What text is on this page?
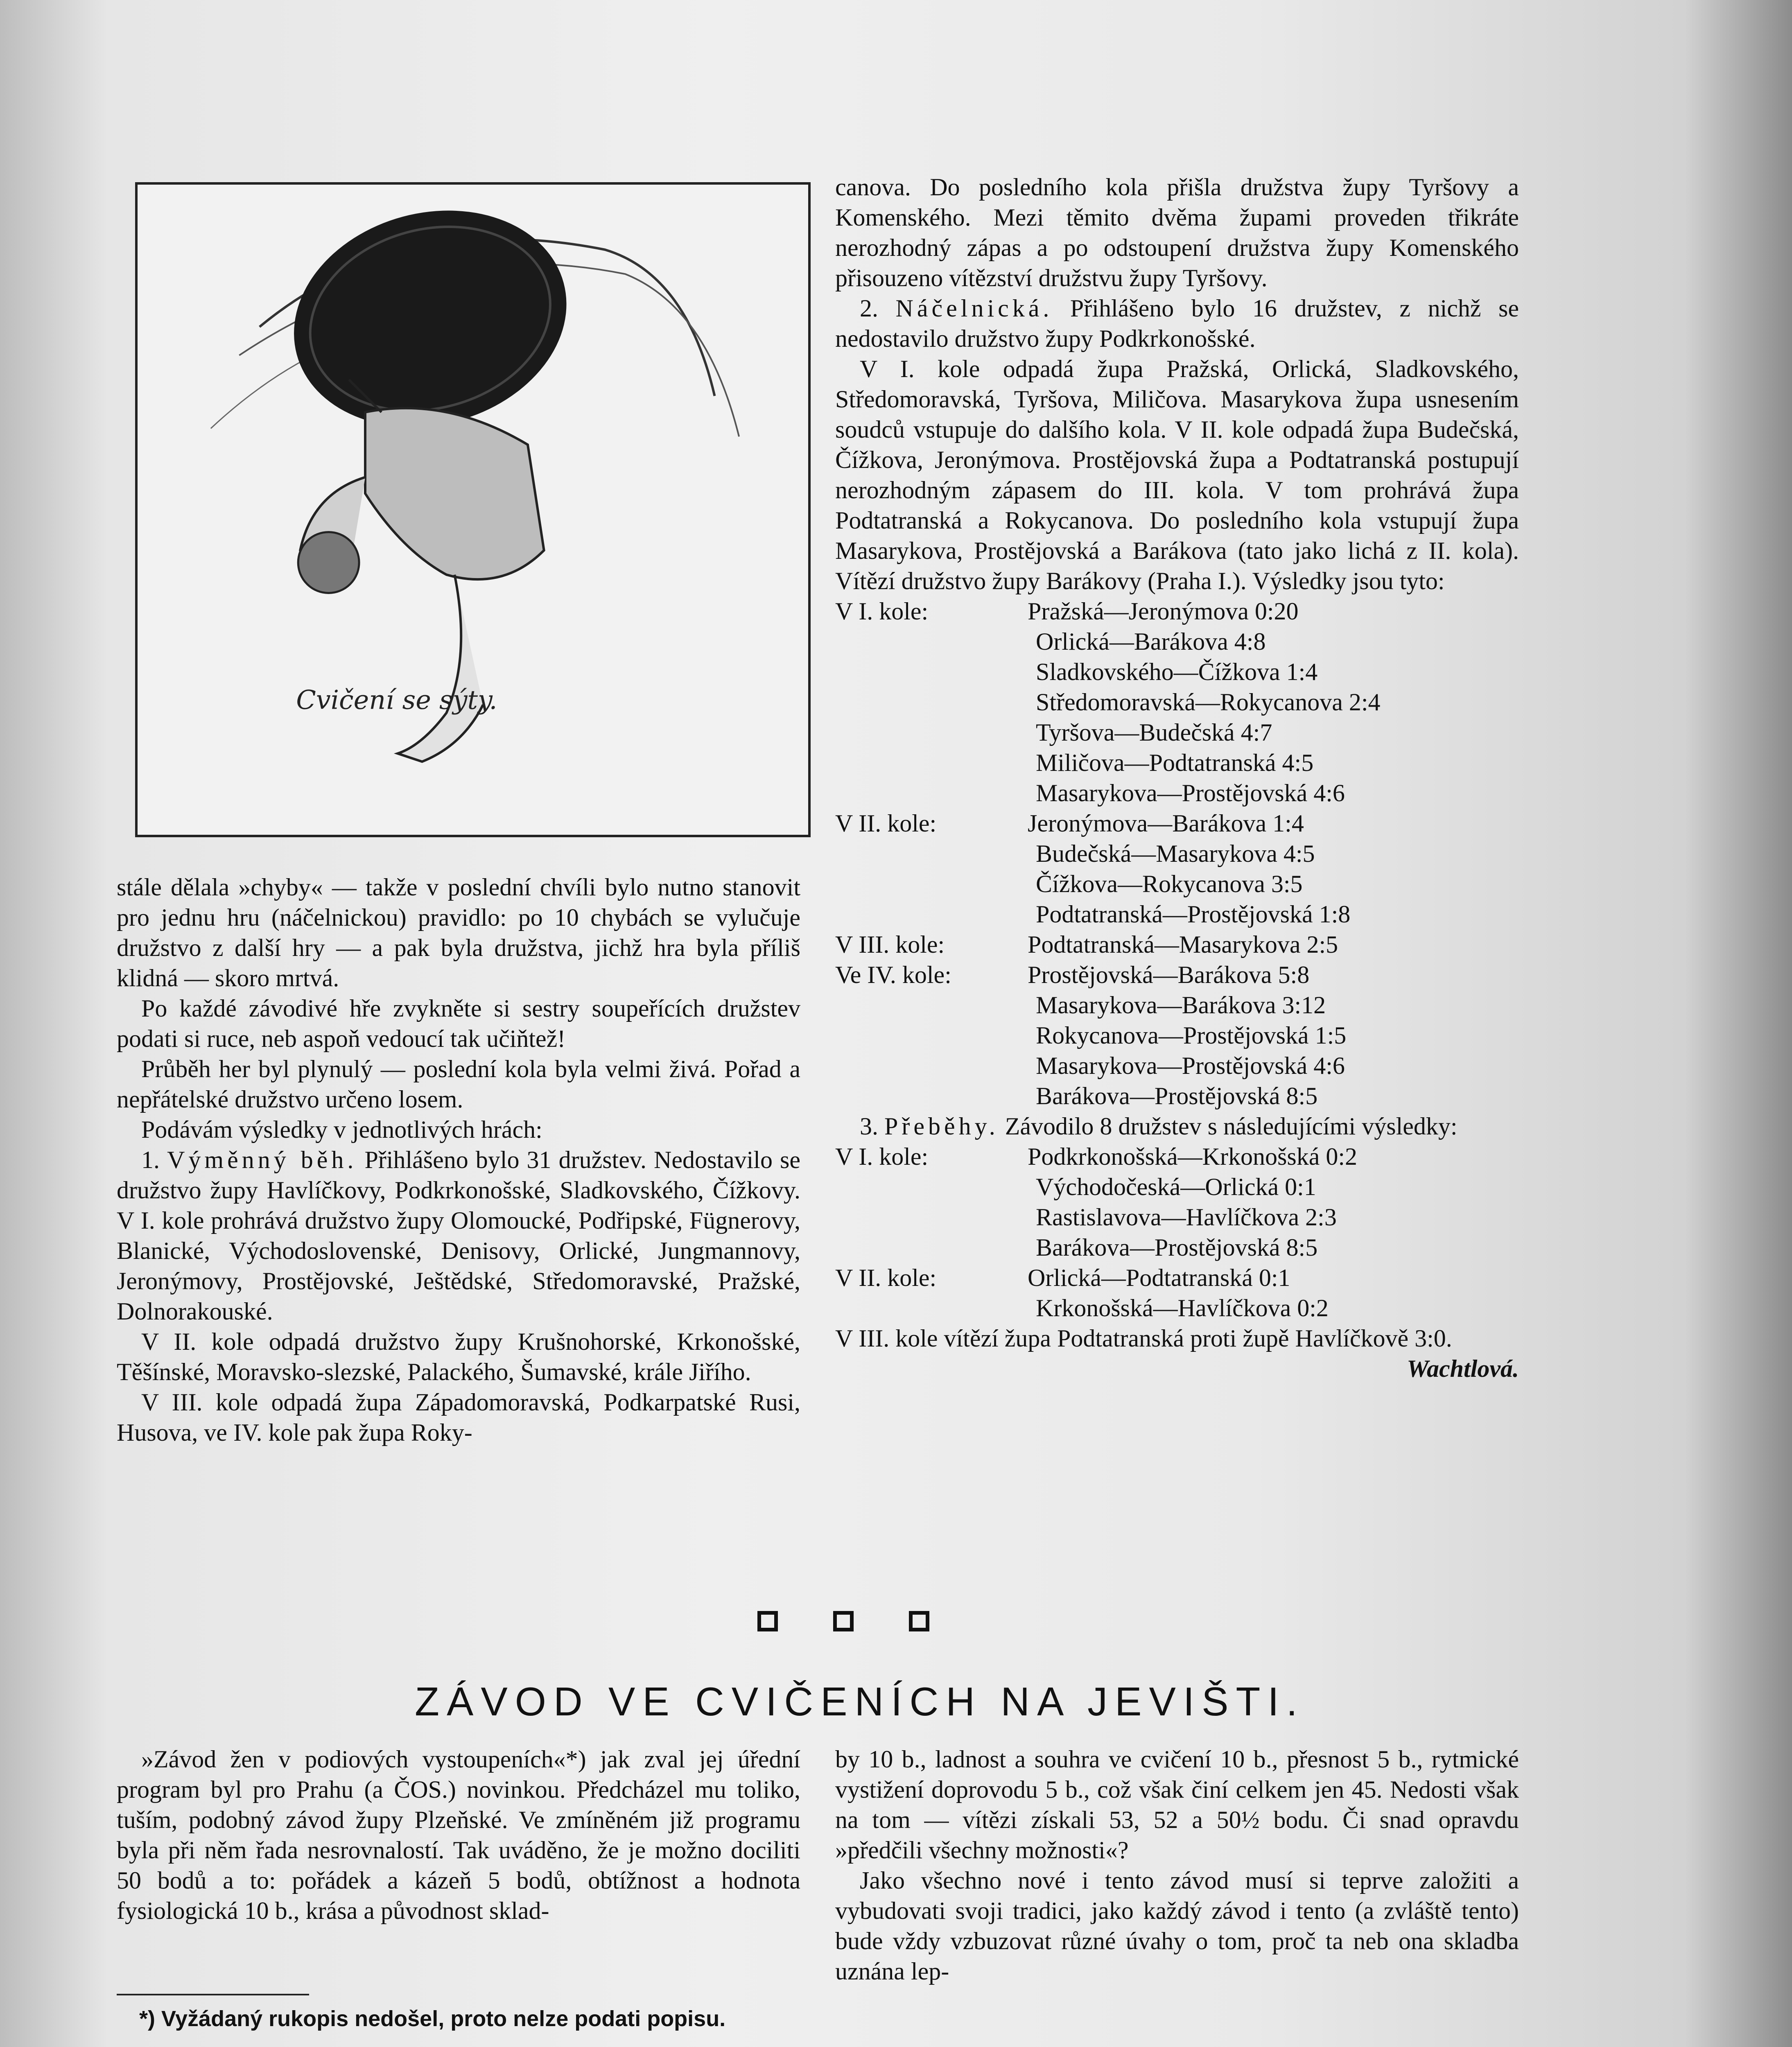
Cvičení se sýty.

stále dělala »chyby« — takže v poslední chvíli bylo nutno stanovit pro jednu hru (náčelnickou) pravidlo: po 10 chybách se vylučuje družstvo z další hry — a pak byla družstva, jichž hra byla příliš klidná — skoro mrtvá.

Po každé závodivé hře zvykněte si sestry soupeřících družstev podati si ruce, neb aspoň vedoucí tak učiňtež!

Průběh her byl plynulý — poslední kola byla velmi živá. Pořad a nepřátelské družstvo určeno losem.

Podávám výsledky v jednotlivých hrách:

1. Výměnný běh. Přihlášeno bylo 31 družstev. Nedostavilo se družstvo župy Havlíčkovy, Podkrkonošské, Sladkovského, Čížkovy. V I. kole prohrává družstvo župy Olomoucké, Podřipské, Fügnerovy, Blanické, Východoslovenské, Denisovy, Orlické, Jungmannovy, Jeronýmovy, Prostějovské, Ještědské, Středomoravské, Pražské, Dolnorakouské.

V II. kole odpadá družstvo župy Krušnohorské, Krkonošské, Těšínské, Moravsko-slezské, Palackého, Šumavské, krále Jiřího.

V III. kole odpadá župa Západomoravská, Podkarpatské Rusi, Husova, ve IV. kole pak župa Roky-

canova. Do posledního kola přišla družstva župy Tyršovy a Komenského. Mezi těmito dvěma župami proveden třikráte nerozhodný zápas a po odstoupení družstva župy Komenského přisouzeno vítězství družstvu župy Tyršovy.

2. Náčelnická. Přihlášeno bylo 16 družstev, z nichž se nedostavilo družstvo župy Podkrkonošské.

V I. kole odpadá župa Pražská, Orlická, Sladkovského, Středomoravská, Tyršova, Miličova. Masarykova župa usnesením soudců vstupuje do dalšího kola. V II. kole odpadá župa Budečská, Čížkova, Jeronýmova. Prostějovská župa a Podtatranská postupují nerozhodným zápasem do III. kola. V tom prohrává župa Podtatranská a Rokycanova. Do posledního kola vstupují župa Masarykova, Prostějovská a Barákova (tato jako lichá z II. kola). Vítězí družstvo župy Barákovy (Praha I.). Výsledky jsou tyto:

V I. kole:	Pražská—Jeronýmova 0:20
Orlická—Barákova 4:8
Sladkovského—Čížkova 1:4
Středomoravská—Rokycanova 2:4
Tyršova—Budečská 4:7
Miličova—Podtatranská 4:5
Masarykova—Prostějovská 4:6
V II. kole:	Jeronýmova—Barákova 1:4
Budečská—Masarykova 4:5
Čížkova—Rokycanova 3:5
Podtatranská—Prostějovská 1:8
V III. kole:	Podtatranská—Masarykova 2:5
Ve IV. kole:	Prostějovská—Barákova 5:8
Masarykova—Barákova 3:12
Rokycanova—Prostějovská 1:5
Masarykova—Prostějovská 4:6
Barákova—Prostějovská 8:5

3. Přeběhy. Závodilo 8 družstev s následujícími výsledky:

V I. kole:	Podkrkonošská—Krkonošská 0:2
Východočeská—Orlická 0:1
Rastislavova—Havlíčkova 2:3
Barákova—Prostějovská 8:5
V II. kole:	Orlická—Podtatranská 0:1
Krkonošská—Havlíčkova 0:2

V III. kole vítězí župa Podtatranská proti župě Havlíčkově 3:0.
Wachtlová.

ZÁVOD VE CVIČENÍCH NA JEVIŠTI.

»Závod žen v podiových vystoupeních«*) jak zval jej úřední program byl pro Prahu (a ČOS.) novinkou. Předcházel mu toliko, tuším, podobný závod župy Plzeňské. Ve zmíněném již programu byla při něm řada nesrovnalostí. Tak uváděno, že je možno dociliti 50 bodů a to: pořádek a kázeň 5 bodů, obtížnost a hodnota fysiologická 10 b., krása a původnost sklad-

by 10 b., ladnost a souhra ve cvičení 10 b., přesnost 5 b., rytmické vystižení doprovodu 5 b., což však činí celkem jen 45. Nedosti však na tom — vítězi získali 53, 52 a 50½ bodu. Či snad opravdu »předčili všechny možnosti«?

Jako všechno nové i tento závod musí si teprve založiti a vybudovati svoji tradici, jako každý závod i tento (a zvláště tento) bude vždy vzbuzovat různé úvahy o tom, proč ta neb ona skladba uznána lep-

*) Vyžádaný rukopis nedošel, proto nelze podati popisu.
